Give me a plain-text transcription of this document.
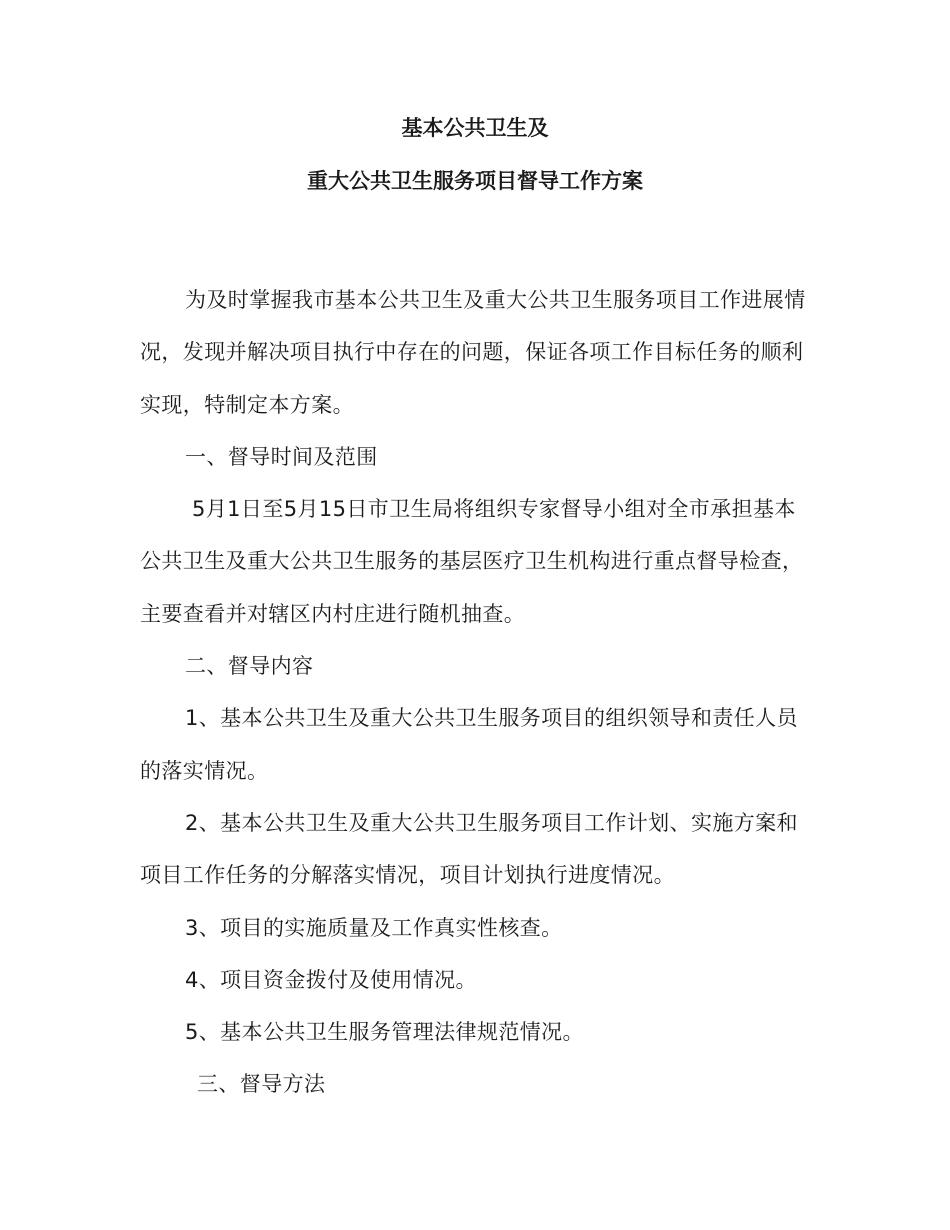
基本公共卫生及
重大公共卫生服务项目督导工作方案

为及时掌握我市基本公共卫生及重大公共卫生服务项目工作进展情况，发现并解决项目执行中存在的问题，保证各项工作目标任务的顺利实现，特制定本方案。

一、督导时间及范围

5月1日至5月15日市卫生局将组织专家督导小组对全市承担基本公共卫生及重大公共卫生服务的基层医疗卫生机构进行重点督导检查，主要查看并对辖区内村庄进行随机抽查。

二、督导内容

1、基本公共卫生及重大公共卫生服务项目的组织领导和责任人员的落实情况。

2、基本公共卫生及重大公共卫生服务项目工作计划、实施方案和项目工作任务的分解落实情况，项目计划执行进度情况。

3、项目的实施质量及工作真实性核查。

4、项目资金拨付及使用情况。

5、基本公共卫生服务管理法律规范情况。

三、督导方法
